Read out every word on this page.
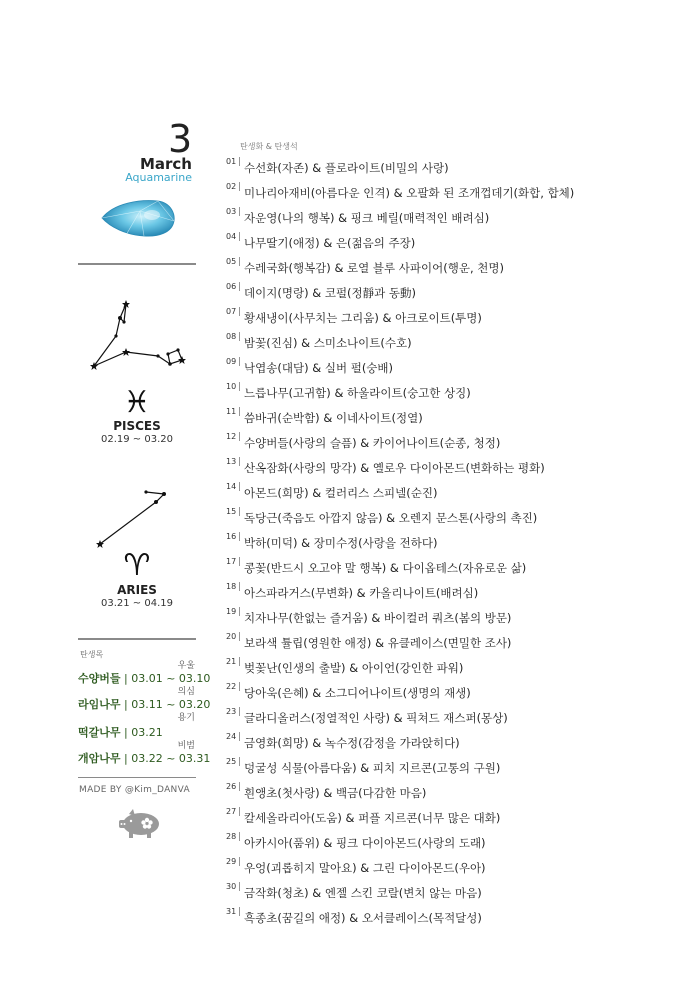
3
March
Aquamarine
♓
PISCES
02.19 ~ 03.20
♈
ARIES
03.21 ~ 04.19
탄생목
우울
수양버들 | 03.01 ~ 03.10
의심
라임나무 | 03.11 ~ 03.20
용기
떡갈나무 | 03.21
비범
개암나무 | 03.22 ~ 03.31
MADE BY @Kim_DANVA
탄생화 & 탄생석
01 | 수선화(자존) & 플로라이트(비밀의 사랑)
02 | 미나리아재비(아름다운 인격) & 오팔화 된 조개껍데기(화합, 합체)
03 | 자운영(나의 행복) & 핑크 베릴(매력적인 배려심)
04 | 나무딸기(애정) & 은(젊음의 주장)
05 | 수레국화(행복감) & 로열 블루 사파이어(행운, 천명)
06 | 데이지(명랑) & 코펄(정靜과 동動)
07 | 황새냉이(사무치는 그리움) & 아크로이트(투명)
08 | 밤꽃(진심) & 스미소나이트(수호)
09 | 낙엽송(대담) & 실버 펄(숭배)
10 | 느릅나무(고귀함) & 하울라이트(숭고한 상징)
11 | 씀바귀(순박함) & 이네사이트(정열)
12 | 수양버들(사랑의 슬픔) & 카이어나이트(순종, 청정)
13 | 산옥잠화(사랑의 망각) & 옐로우 다이아몬드(변화하는 평화)
14 | 아몬드(희망) & 컬러리스 스피넬(순진)
15 | 독당근(죽음도 아깝지 않음) & 오렌지 문스톤(사랑의 촉진)
16 | 박하(미덕) & 장미수정(사랑을 전하다)
17 | 콩꽃(반드시 오고야 말 행복) & 다이옵테스(자유로운 삶)
18 | 아스파라거스(무변화) & 카올리나이트(배려심)
19 | 치자나무(한없는 즐거움) & 바이컬러 쿼츠(봄의 방문)
20 | 보라색 튤립(영원한 애정) & 유클레이스(면밀한 조사)
21 | 벚꽃난(인생의 출발) & 아이언(강인한 파워)
22 | 당아욱(은혜) & 소그디어나이트(생명의 재생)
23 | 글라디올러스(정열적인 사랑) & 픽쳐드 재스퍼(몽상)
24 | 금영화(희망) & 녹수정(감정을 가라앉히다)
25 | 덩굴성 식물(아름다움) & 피치 지르콘(고통의 구원)
26 | 흰앵초(첫사랑) & 백금(다감한 마음)
27 | 칼세올라리아(도움) & 퍼플 지르콘(너무 많은 대화)
28 | 아카시아(품위) & 핑크 다이아몬드(사랑의 도래)
29 | 우엉(괴롭히지 말아요) & 그린 다이아몬드(우아)
30 | 금작화(청초) & 엔젤 스킨 코랄(변치 않는 마음)
31 | 흑종초(꿈길의 애정) & 오서클레이스(목적달성)
